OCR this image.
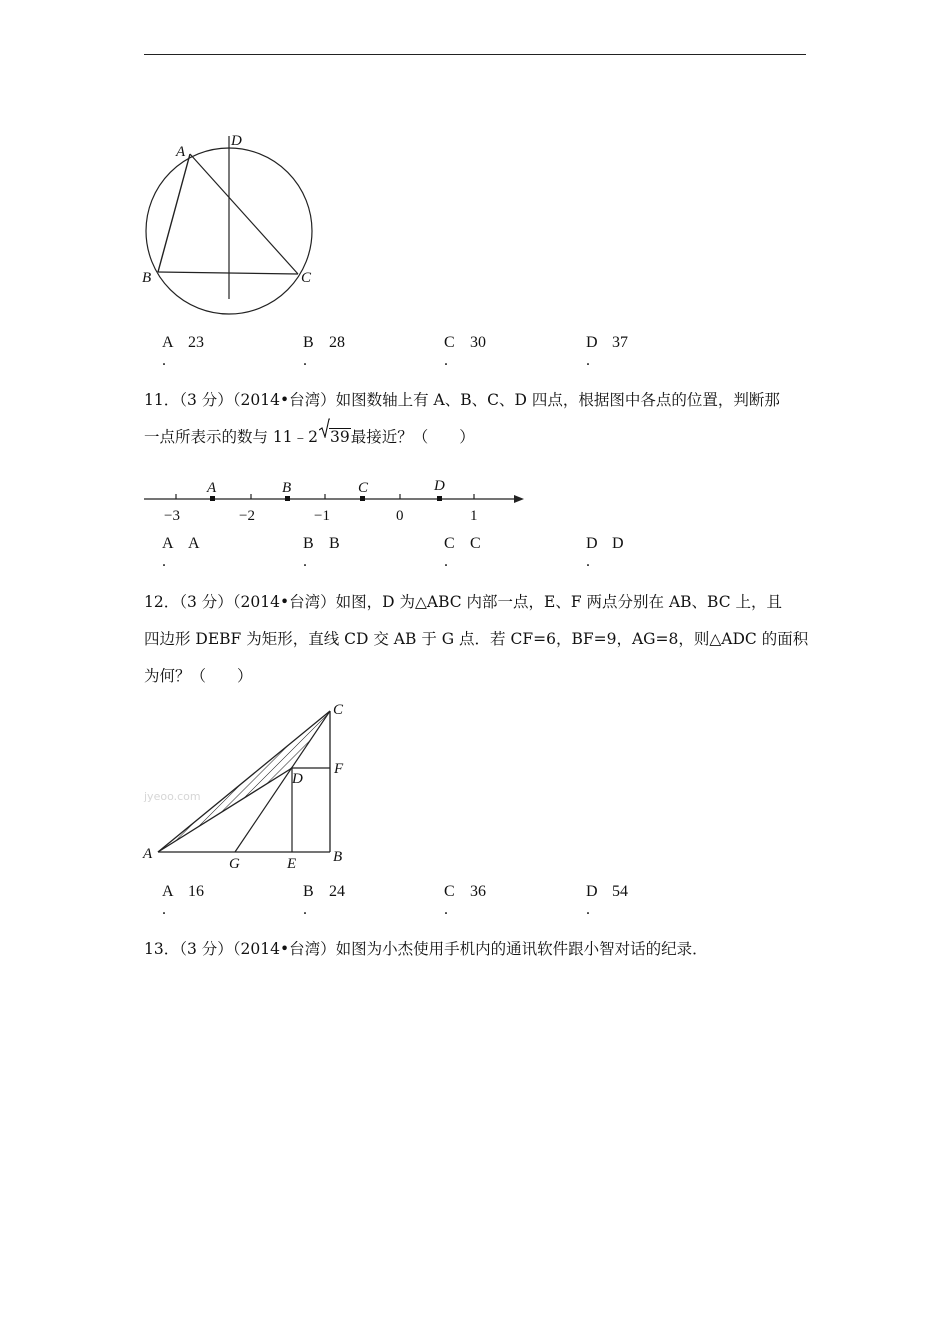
A
D
B	C
A 23
.
B 28
.
C 30
.
D 37
.
11．（3 分）（2014•台湾）如图数轴上有 A、B、C、D 四点，根据图中各点的位置，判断那
一点所表示的数与 11﹣2 39最接近？（　　）
A	B	C	D
−3	−2	−1	0	1
A A
.
B B
.
C C
.
D D
.
12．（3 分）（2014•台湾）如图，D 为△ABC 内部一点，E、F 两点分别在 AB、BC 上，且
四边形 DEBF 为矩形，直线 CD 交 AB 于 G 点．若 CF=6，BF=9，AG=8，则△ADC 的面积
为何？（　　）
jyeoo.com
C
F
D
A
G	E B
A 16
.
B 24
.
C 36
.
D 54
.
13．（3 分）（2014•台湾）如图为小杰使用手机内的通讯软件跟小智对话的纪录．
